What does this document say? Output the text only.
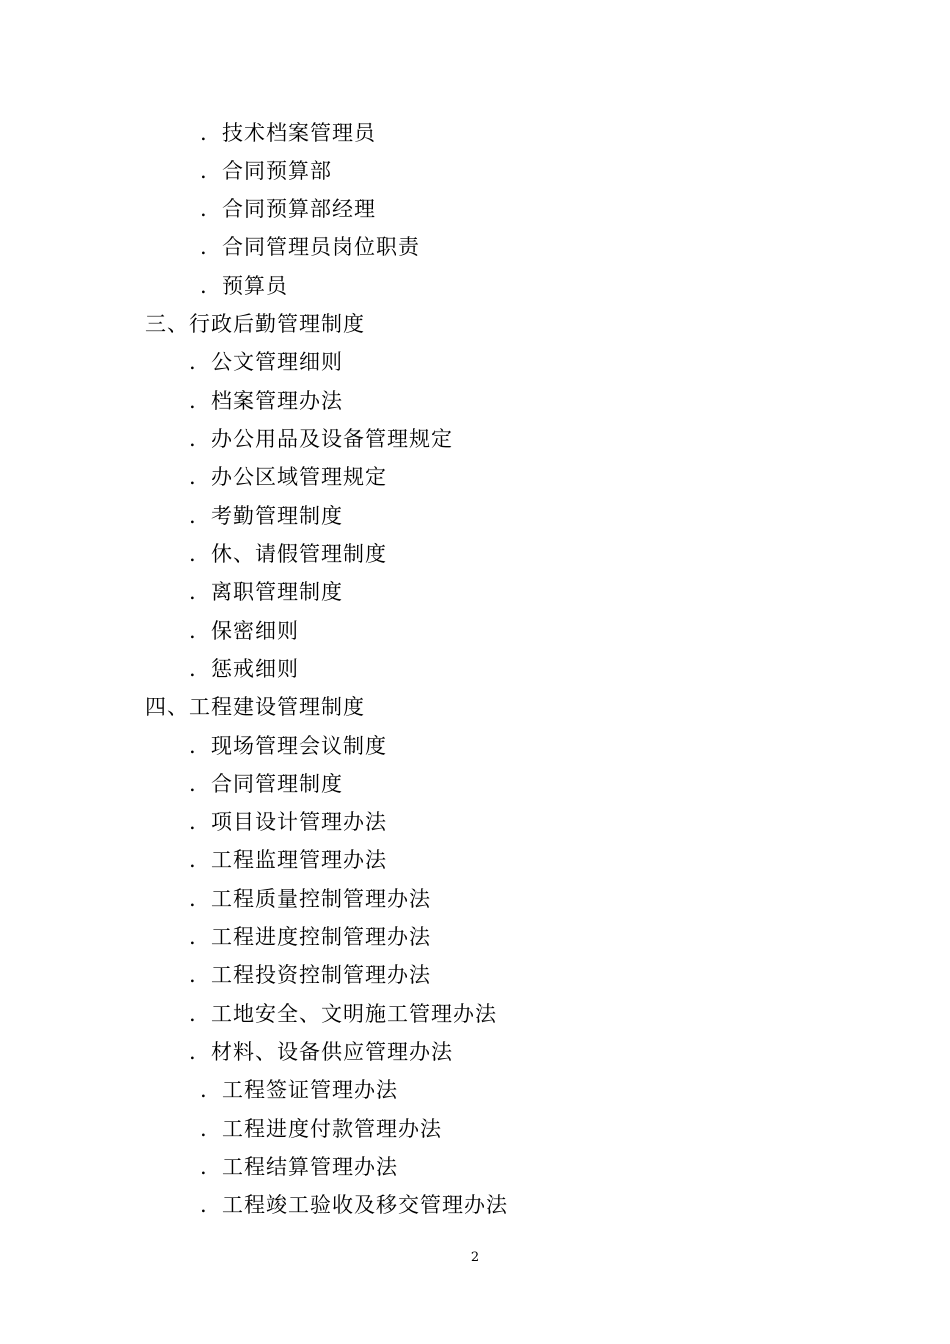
. 技术档案管理员
. 合同预算部
. 合同预算部经理
. 合同管理员岗位职责
. 预算员
三、行政后勤管理制度
. 公文管理细则
. 档案管理办法
. 办公用品及设备管理规定
. 办公区域管理规定
. 考勤管理制度
. 休、请假管理制度
. 离职管理制度
. 保密细则
. 惩戒细则
四、工程建设管理制度
. 现场管理会议制度
. 合同管理制度
. 项目设计管理办法
. 工程监理管理办法
. 工程质量控制管理办法
. 工程进度控制管理办法
. 工程投资控制管理办法
. 工地安全、文明施工管理办法
. 材料、设备供应管理办法
. 工程签证管理办法
. 工程进度付款管理办法
. 工程结算管理办法
. 工程竣工验收及移交管理办法
2
